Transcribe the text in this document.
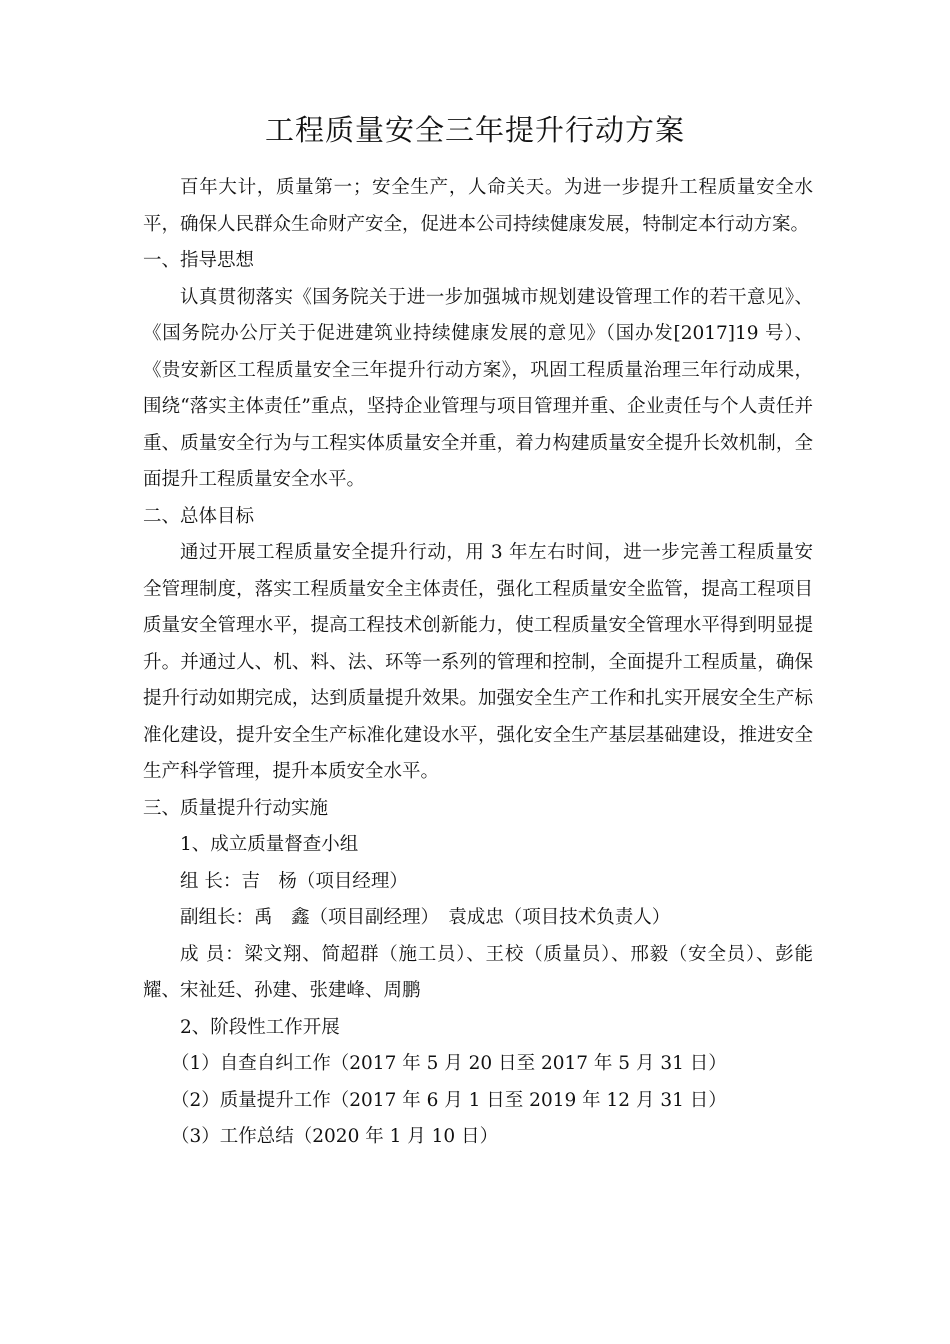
工程质量安全三年提升行动方案

百年大计，质量第一；安全生产，人命关天。为进一步提升工程质量安全水平，确保人民群众生命财产安全，促进本公司持续健康发展，特制定本行动方案。

一、指导思想

认真贯彻落实《国务院关于进一步加强城市规划建设管理工作的若干意见》、《国务院办公厅关于促进建筑业持续健康发展的意见》（国办发[2017]19 号）、《贵安新区工程质量安全三年提升行动方案》，巩固工程质量治理三年行动成果，围绕“落实主体责任”重点，坚持企业管理与项目管理并重、企业责任与个人责任并重、质量安全行为与工程实体质量安全并重，着力构建质量安全提升长效机制，全面提升工程质量安全水平。

二、总体目标

通过开展工程质量安全提升行动，用 3 年左右时间，进一步完善工程质量安全管理制度，落实工程质量安全主体责任，强化工程质量安全监管，提高工程项目质量安全管理水平，提高工程技术创新能力，使工程质量安全管理水平得到明显提升。并通过人、机、料、法、环等一系列的管理和控制，全面提升工程质量，确保提升行动如期完成，达到质量提升效果。加强安全生产工作和扎实开展安全生产标准化建设，提升安全生产标准化建设水平，强化安全生产基层基础建设，推进安全生产科学管理，提升本质安全水平。

三、质量提升行动实施

1、成立质量督查小组

组 长：吉　杨（项目经理）

副组长：禹　鑫（项目副经理）　袁成忠（项目技术负责人）

成 员：梁文翔、简超群（施工员）、王校（质量员）、邢毅（安全员）、彭能耀、宋祉廷、孙建、张建峰、周鹏

2、阶段性工作开展

（1）自查自纠工作（2017 年 5 月 20 日至 2017 年 5 月 31 日）

（2）质量提升工作（2017 年 6 月 1 日至 2019 年 12 月 31 日）

（3）工作总结（2020 年 1 月 10 日）
